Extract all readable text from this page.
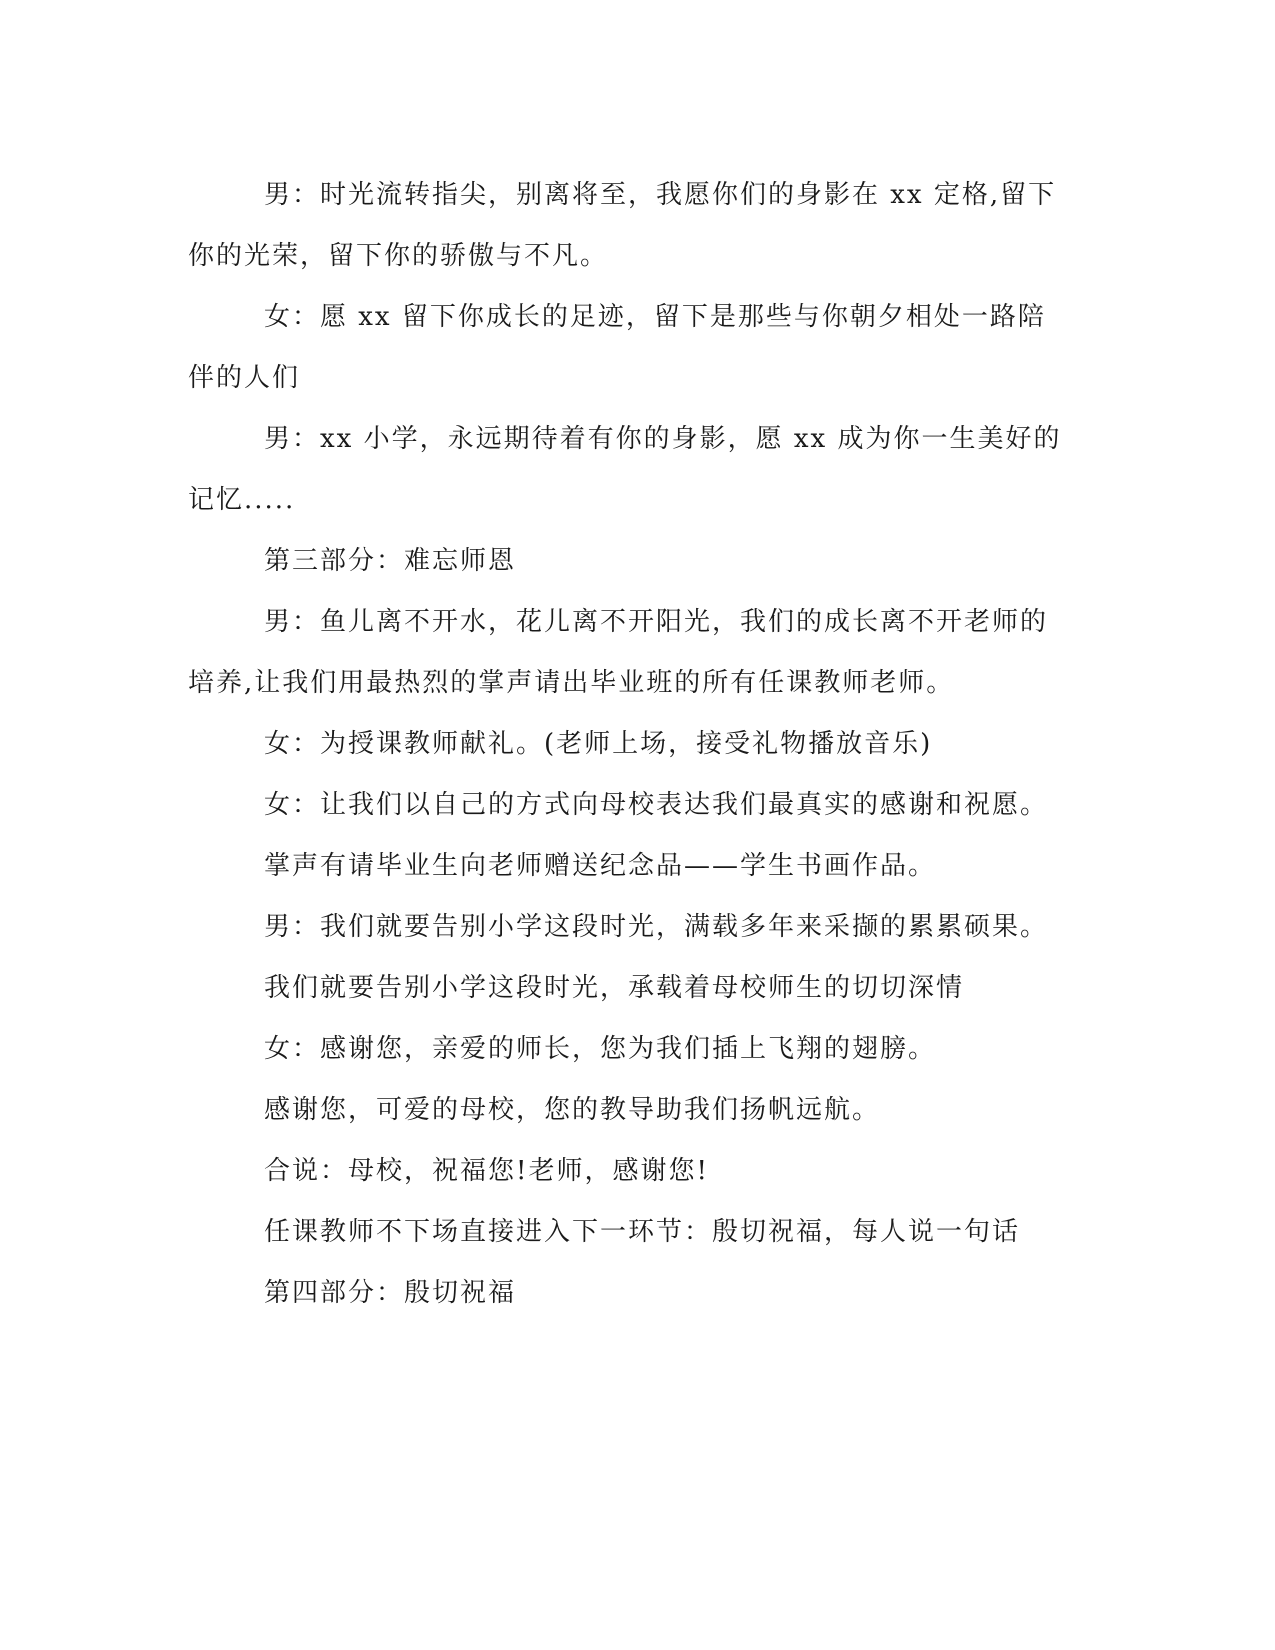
男：时光流转指尖，别离将至，我愿你们的身影在 xx 定格,留下

你的光荣，留下你的骄傲与不凡。

女：愿 xx 留下你成长的足迹，留下是那些与你朝夕相处一路陪

伴的人们

男：xx 小学，永远期待着有你的身影，愿 xx 成为你一生美好的

记忆.....

第三部分：难忘师恩

男：鱼儿离不开水，花儿离不开阳光，我们的成长离不开老师的

培养,让我们用最热烈的掌声请出毕业班的所有任课教师老师。

女：为授课教师献礼。(老师上场，接受礼物播放音乐)

女：让我们以自己的方式向母校表达我们最真实的感谢和祝愿。

掌声有请毕业生向老师赠送纪念品——学生书画作品。

男：我们就要告别小学这段时光，满载多年来采撷的累累硕果。

我们就要告别小学这段时光，承载着母校师生的切切深情

女：感谢您，亲爱的师长，您为我们插上飞翔的翅膀。

感谢您，可爱的母校，您的教导助我们扬帆远航。

合说：母校，祝福您!老师，感谢您!

任课教师不下场直接进入下一环节：殷切祝福，每人说一句话

第四部分：殷切祝福
